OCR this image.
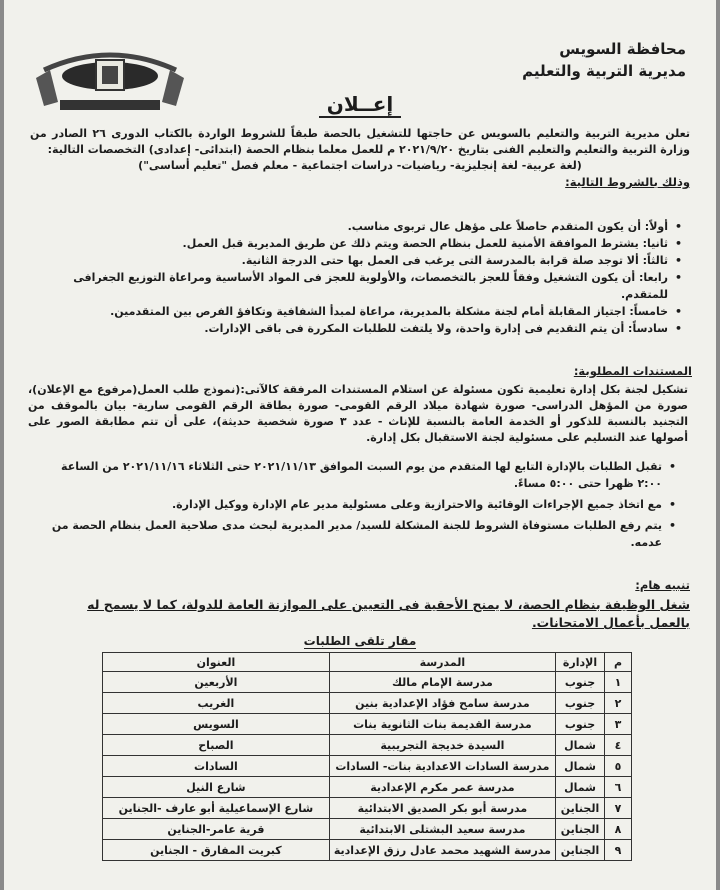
محافظة السويس
مديرية التربية والتعليم
إعــلان
تعلن مديرية التربية والتعليم بالسويس عن حاجتها للتشغيل بالحصة طبقاً للشروط الواردة بالكتاب الدورى ٢٦ الصادر من وزارة التربية والتعليم والتعليم الفنى بتاريخ ٢٠٢١/٩/٢٠ م للعمل معلما بنظام الحصة (ابتدائى- إعدادى) التخصصات التالية:
(لغة عربية- لغة إنجليزية- رياضيات- دراسات اجتماعية - معلم فصل "تعليم أساسى")
وذلك بالشروط التالية:
• أولاً: أن يكون المتقدم حاصلاً على مؤهل عال تربوى مناسب.
• ثانيا: يشترط الموافقة الأمنية للعمل بنظام الحصة ويتم ذلك عن طريق المديرية قبل العمل.
• ثالثاً: ألا توجد صلة قرابة بالمدرسة التى يرغب فى العمل بها حتى الدرجة الثانية.
• رابعا: أن يكون التشغيل وفقاً للعجز بالتخصصات، والأولوية للعجز فى المواد الأساسية ومراعاة التوزيع الجغرافى للمتقدم.
• خامساً: اجتياز المقابلة أمام لجنة مشكلة بالمديرية، مراعاة لمبدأ الشفافية وتكافؤ الفرص بين المتقدمين.
• سادساً: أن يتم التقديم فى إدارة واحدة، ولا يلتفت للطلبات المكررة فى باقى الإدارات.
المستندات المطلوبة:
تشكيل لجنة بكل إدارة تعليمية تكون مسئولة عن استلام المستندات المرفقة كالآتى:(نموذج طلب العمل(مرفوع مع الإعلان)، صورة من المؤهل الدراسى- صورة شهادة ميلاد الرقم القومى- صورة بطاقة الرقم القومى سارية- بيان بالموقف من التجنيد بالنسبة للذكور أو الخدمة العامة بالنسبة للإناث - عدد ٣ صورة شخصية حديثة)، على أن تتم مطابقة الصور على أصولها عند التسليم على مسئولية لجنة الاستقبال بكل إدارة.
• تقبل الطلبات بالإدارة التابع لها المتقدم من يوم السبت الموافق ٢٠٢١/١١/١٣ حتى الثلاثاء ٢٠٢١/١١/١٦ من الساعة ٢:٠٠ ظهرا حتى ٥:٠٠ مساءً.
• مع اتخاذ جميع الإجراءات الوقائية والاحترازية وعلى مسئولية مدير عام الإدارة ووكيل الإدارة.
• يتم رفع الطلبات مستوفاة الشروط للجنة المشكلة للسيد/ مدير المديرية لبحث مدى صلاحية العمل بنظام الحصة من عدمه.
تنبيه هام:
شغل الوظيفة بنظام الحصة، لا يمنح الأحقية فى التعيين على الموازنة العامة للدولة، كما لا يسمح له بالعمل بأعمال الامتحانات.
مقار تلقى الطلبات
م	الإدارة	المدرسة	العنوان
١	جنوب	مدرسة الإمام مالك	الأربعين
٢	جنوب	مدرسة سامح فؤاد الإعدادية بنين	الغريب
٣	جنوب	مدرسة القديمة بنات الثانوية بنات	السويس
٤	شمال	السيدة خديجة التجريبية	الصباح
٥	شمال	مدرسة السادات الاعدادية بنات- السادات	السادات
٦	شمال	مدرسة عمر مكرم الإعدادية	شارع النيل
٧	الجناين	مدرسة أبو بكر الصديق الابتدائية	شارع الإسماعيلية أبو عارف -الجناين
٨	الجناين	مدرسة سعيد البشتلى الابتدائية	قرية عامر-الجناين
٩	الجناين	مدرسة الشهيد محمد عادل رزق الإعدادية	كبريت المفارق - الجناين
